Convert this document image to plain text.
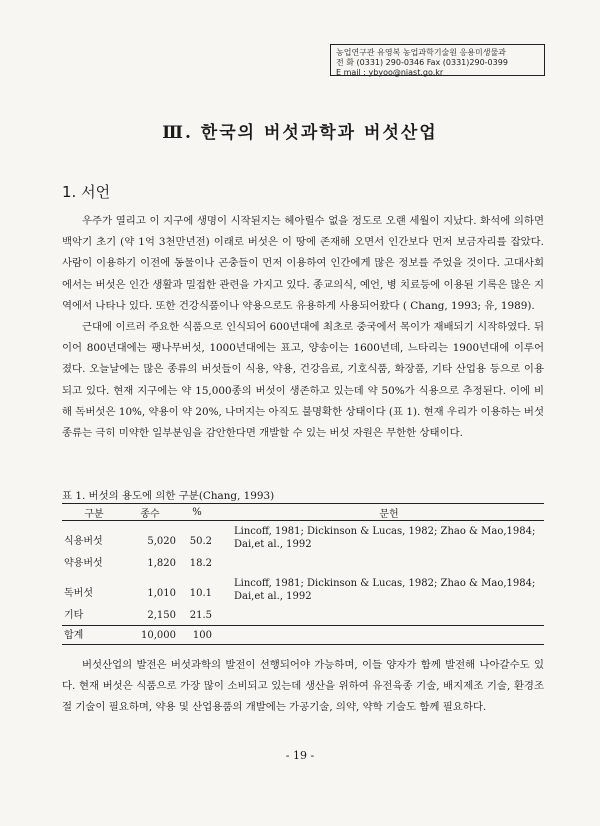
농업연구관 유영복 농업과학기술원 응용미생물과
전 화 (0331) 290-0346 Fax (0331)290-0399
E mail : ybyoo@niast.go.kr
Ⅲ. 한국의 버섯과학과 버섯산업
1. 서언

우주가 열리고 이 지구에 생명이 시작된지는 헤아릴수 없을 정도로 오랜 세월이 지났다. 화석에 의하면 백악기 초기 (약 1억 3천만년전) 이래로 버섯은 이 땅에 존재해 오면서 인간보다 먼저 보금자리를 잡았다. 사람이 이용하기 이전에 동물이나 곤충들이 먼저 이용하여 인간에게 많은 정보를 주었을 것이다. 고대사회에서는 버섯은 인간 생활과 밀접한 관련을 가지고 있다. 종교의식, 예언, 병 치료등에 이용된 기록은 많은 지역에서 나타나 있다. 또한 건강식품이나 약용으로도 유용하게 사용되어왔다 ( Chang, 1993; 유, 1989).

근대에 이르러 주요한 식품으로 인식되어 600년대에 최초로 중국에서 목이가 재배되기 시작하였다. 뒤이어 800년대에는 팽나무버섯, 1000년대에는 표고, 양송이는 1600년데, 느타리는 1900년대에 이루어 졌다. 오늘날에는 많은 종류의 버섯들이 식용, 약용, 건강음료, 기호식품, 화장품, 기타 산업용 등으로 이용되고 있다. 현재 지구에는 약 15,000종의 버섯이 생존하고 있는데 약 50%가 식용으로 추정된다. 이에 비해 독버섯은 10%, 약용이 약 20%, 나머지는 아직도 불명확한 상태이다 (표 1). 현재 우리가 이용하는 버섯 종류는 극히 미약한 일부분임을 감안한다면 개발할 수 있는 버섯 자원은 무한한 상태이다.

표 1. 버섯의 용도에 의한 구분(Chang, 1993)
구분	종수	%	문헌

식용버섯	5,020	50.2	Lincoff, 1981; Dickinson & Lucas, 1982; Zhao & Mao,1984; Dai,et al., 1992

약용버섯	1,820	18.2	

독버섯	1,010	10.1	Lincoff, 1981; Dickinson & Lucas, 1982; Zhao & Mao,1984; Dai,et al., 1992

기타	2,150	21.5	

합계	10,000	100	

버섯산업의 발전은 버섯과학의 발전이 선행되어야 가능하며, 이들 양자가 함께 발전해 나아갈수도 있다. 현재 버섯은 식품으로 가장 많이 소비되고 있는데 생산을 위하여 유전육종 기술, 배지제조 기술, 환경조절 기술이 필요하며, 약용 및 산업용품의 개발에는 가공기술, 의약, 약학 기술도 함께 필요하다.

- 19 -
